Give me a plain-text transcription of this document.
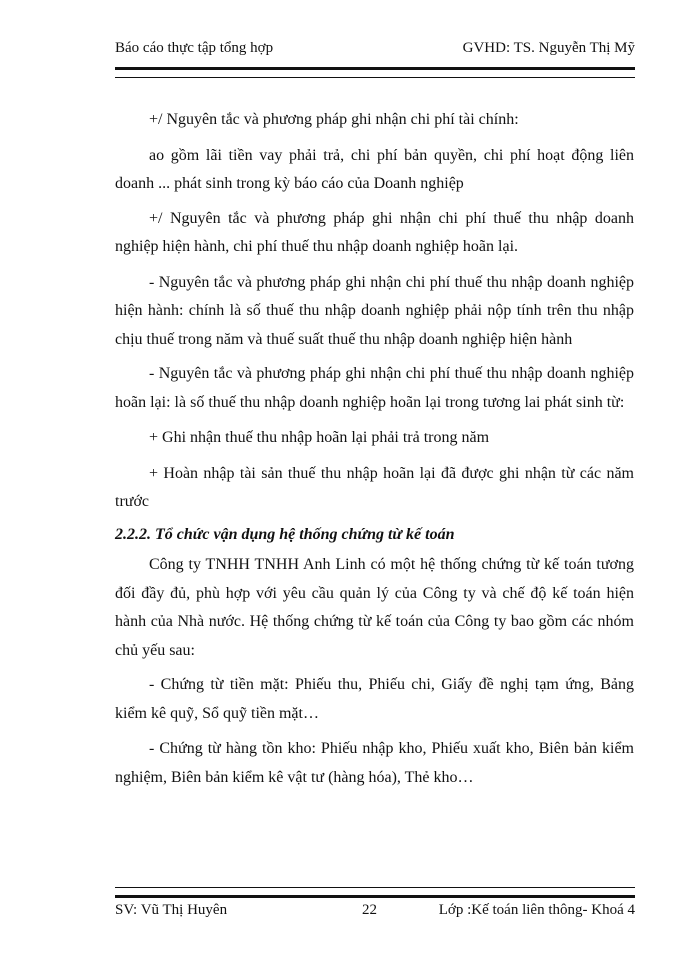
Báo cáo thực tập tổng hợp	GVHD: TS. Nguyễn Thị Mỹ

+/ Nguyên tắc và phương pháp ghi nhận chi phí tài chính:

ao gồm lãi tiền vay phải trả, chi phí bản quyền, chi phí hoạt động liên doanh ... phát sinh trong kỳ báo cáo của Doanh nghiệp

+/ Nguyên tắc và phương pháp ghi nhận chi phí thuế thu nhập doanh nghiệp hiện hành, chi phí thuế thu nhập doanh nghiệp hoãn lại.

- Nguyên tắc và phương pháp ghi nhận chi phí thuế thu nhập doanh nghiệp hiện hành: chính là số thuế thu nhập doanh nghiệp phải nộp tính trên thu nhập chịu thuế trong năm và thuế suất thuế thu nhập doanh nghiệp hiện hành

- Nguyên tắc và phương pháp ghi nhận chi phí thuế thu nhập doanh nghiệp hoãn lại: là số thuế thu nhập doanh nghiệp hoãn lại trong tương lai phát sinh từ:

+ Ghi nhận thuế thu nhập hoãn lại phải trả trong năm

+ Hoàn nhập tài sản thuế thu nhập hoãn lại đã được ghi nhận từ các năm trước

2.2.2. Tổ chức vận dụng hệ thống chứng từ kế toán

Công ty TNHH TNHH Anh Linh có một hệ thống chứng từ kế toán tương đối đầy đủ, phù hợp với yêu cầu quản lý của Công ty và chế độ kế toán hiện hành của Nhà nước. Hệ thống chứng từ kế toán của Công ty bao gồm các nhóm chủ yếu sau:

- Chứng từ tiền mặt: Phiếu thu, Phiếu chi, Giấy đề nghị tạm ứng, Bảng kiểm kê quỹ, Sổ quỹ tiền mặt…

- Chứng từ hàng tồn kho: Phiếu nhập kho, Phiếu xuất kho, Biên bản kiểm nghiệm, Biên bản kiểm kê vật tư (hàng hóa), Thẻ kho…

SV: Vũ Thị Huyên	22	Lớp :Kế toán liên thông- Khoá 4
